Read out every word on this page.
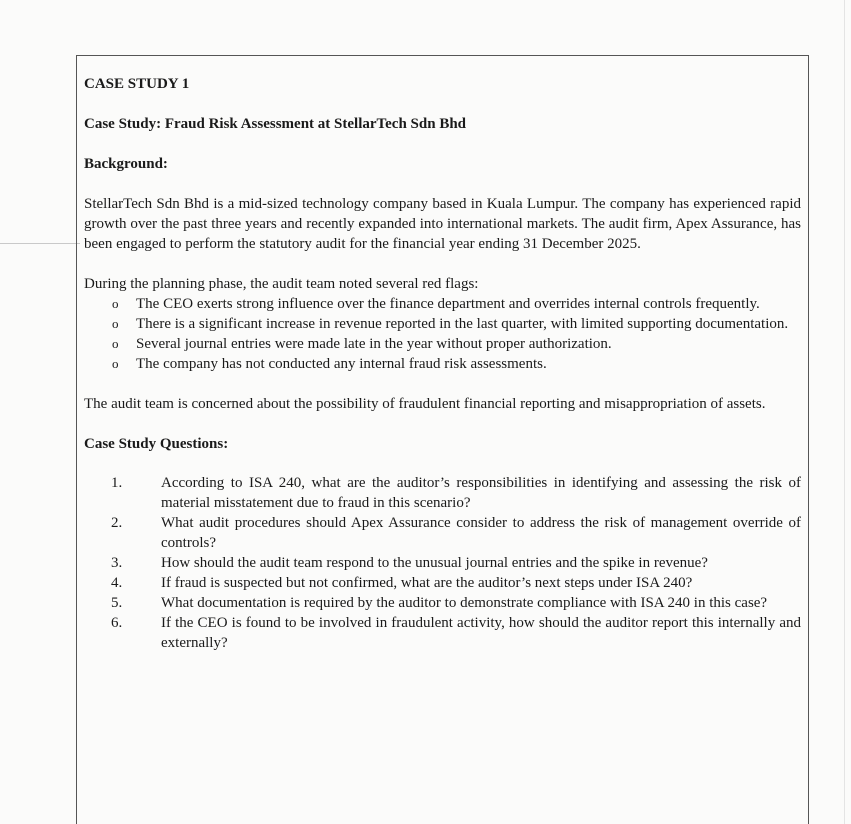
CASE STUDY 1

Case Study: Fraud Risk Assessment at StellarTech Sdn Bhd

Background:

StellarTech Sdn Bhd is a mid-sized technology company based in Kuala Lumpur. The company has experienced rapid growth over the past three years and recently expanded into international markets. The audit firm, Apex Assurance, has been engaged to perform the statutory audit for the financial year ending 31 December 2025.

During the planning phase, the audit team noted several red flags:

o The CEO exerts strong influence over the finance department and overrides internal controls frequently.
o There is a significant increase in revenue reported in the last quarter, with limited supporting documentation.
o Several journal entries were made late in the year without proper authorization.
o The company has not conducted any internal fraud risk assessments.

The audit team is concerned about the possibility of fraudulent financial reporting and misappropriation of assets.

Case Study Questions:

1.	According to ISA 240, what are the auditor’s responsibilities in identifying and assessing the risk of material misstatement due to fraud in this scenario?
2.	What audit procedures should Apex Assurance consider to address the risk of management override of controls?
3.	How should the audit team respond to the unusual journal entries and the spike in revenue?
4.	If fraud is suspected but not confirmed, what are the auditor’s next steps under ISA 240?
5.	What documentation is required by the auditor to demonstrate compliance with ISA 240 in this case?
6.	If the CEO is found to be involved in fraudulent activity, how should the auditor report this internally and externally?
